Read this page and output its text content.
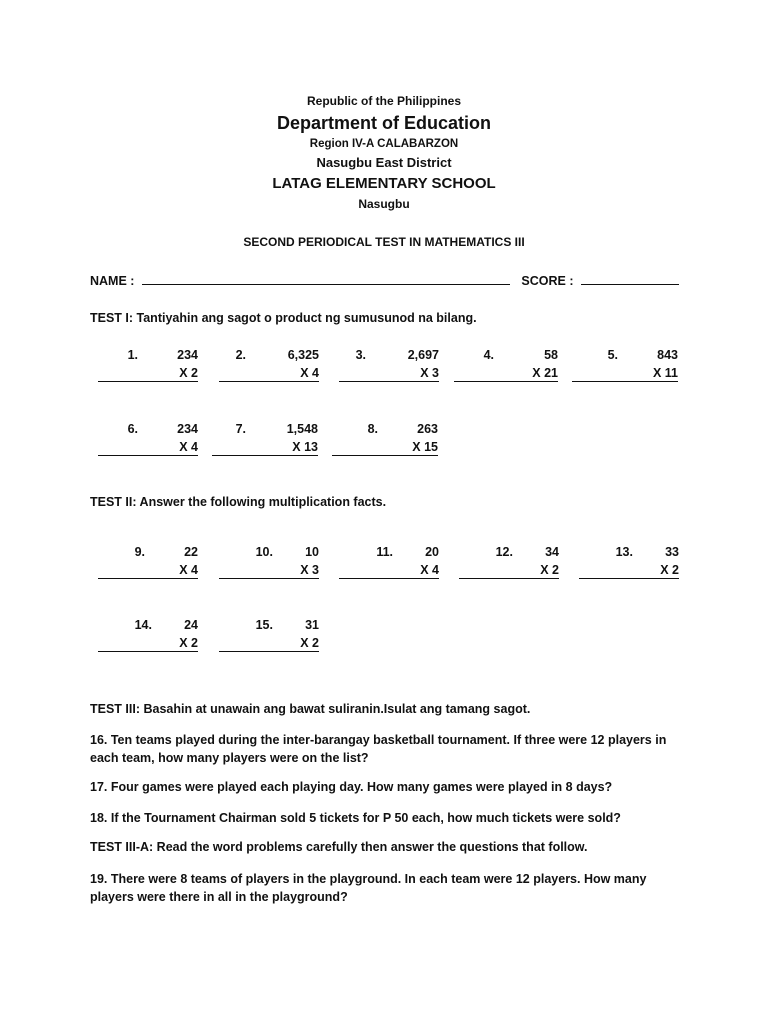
Republic of the Philippines
Department of Education
Region IV-A CALABARZON
Nasugbu East District
LATAG ELEMENTARY SCHOOL
Nasugbu
SECOND PERIODICAL TEST IN MATHEMATICS III
NAME :	SCORE :
TEST I: Tantiyahin ang sagot o product ng sumusunod na bilang.
1.	234
X 2
2.	6,325
X 4
3.	2,697
X 3
4.	58
X 21
5.	843
X 11
6.	234
X 4
7.	1,548
X 13
8.	263
X 15
TEST II: Answer the following multiplication facts.
9.	22
X 4
10.	10
X 3
11.	20
X 4
12.	34
X 2
13.	33
X 2
14.	24
X 2
15.	31
X 2
TEST III: Basahin at unawain ang bawat suliranin.Isulat ang tamang sagot.
16. Ten teams played during the inter-barangay basketball tournament. If three were 12 players in each team, how many players were on the list?
17. Four games were played each playing day. How many games were played in 8 days?
18. If the Tournament Chairman sold 5 tickets for P 50 each, how much tickets were sold?
TEST III-A: Read the word problems carefully then answer the questions that follow.
19. There were 8 teams of players in the playground. In each team were 12 players. How many players were there in all in the playground?
